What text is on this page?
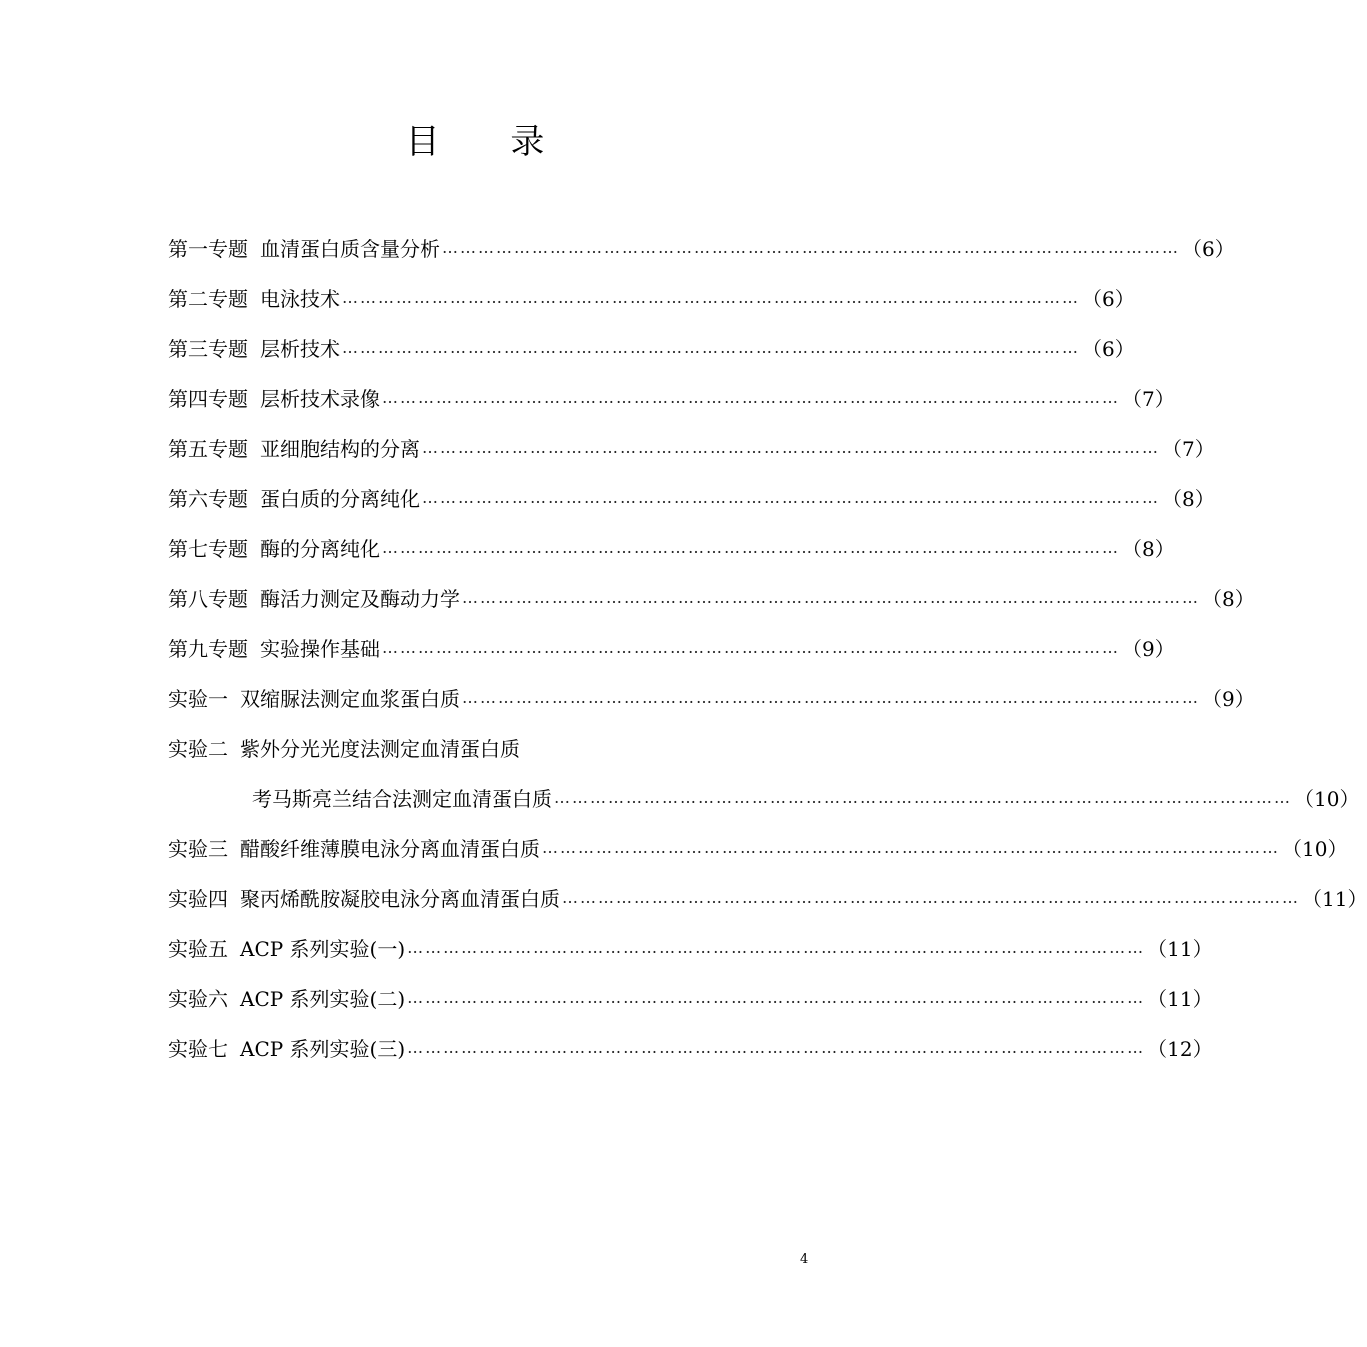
目 录
第一专题 血清蛋白质含量分析 …………………………………………………………………………………………………………… （6）
第二专题 电泳技术 …………………………………………………………………………………………………………… （6）
第三专题 层析技术 …………………………………………………………………………………………………………… （6）
第四专题 层析技术录像 …………………………………………………………………………………………………………… （7）
第五专题 亚细胞结构的分离 …………………………………………………………………………………………………………… （7）
第六专题 蛋白质的分离纯化 …………………………………………………………………………………………………………… （8）
第七专题 酶的分离纯化 …………………………………………………………………………………………………………… （8）
第八专题 酶活力测定及酶动力学 …………………………………………………………………………………………………………… （8）
第九专题 实验操作基础 …………………………………………………………………………………………………………… （9）
实验一 双缩脲法测定血浆蛋白质 …………………………………………………………………………………………………………… （9）
实验二 紫外分光光度法测定血清蛋白质
考马斯亮兰结合法测定血清蛋白质 …………………………………………………………………………………………………………… （10）
实验三 醋酸纤维薄膜电泳分离血清蛋白质 …………………………………………………………………………………………………………… （10）
实验四 聚丙烯酰胺凝胶电泳分离血清蛋白质 …………………………………………………………………………………………………………… （11）
实验五 ACP 系列实验(一) …………………………………………………………………………………………………………… （11）
实验六 ACP 系列实验(二) …………………………………………………………………………………………………………… （11）
实验七 ACP 系列实验(三) …………………………………………………………………………………………………………… （12）
4
